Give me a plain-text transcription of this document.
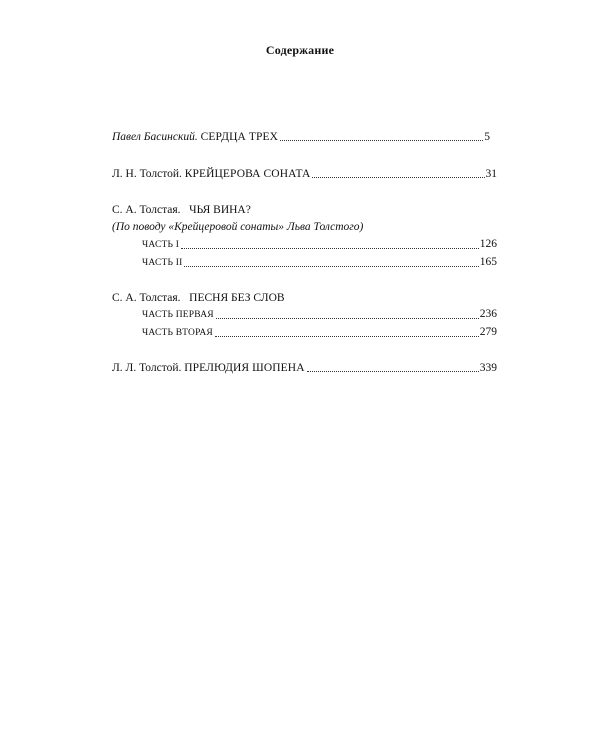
Содержание
Павел Басинский.
СЕРДЦА ТРЕХ	5
Л. Н. Толстой.
КРЕЙЦЕРОВА СОНАТА	31
С. А. Толстая. ЧЬЯ ВИНА?
(По поводу «Крейцеровой сонаты» Льва Толстого)
ЧАСТЬ I	126
ЧАСТЬ II	165
С. А. Толстая. ПЕСНЯ БЕЗ СЛОВ
ЧАСТЬ ПЕРВАЯ	236
ЧАСТЬ ВТОРАЯ	279
Л. Л. Толстой.
ПРЕЛЮДИЯ ШОПЕНА	339
